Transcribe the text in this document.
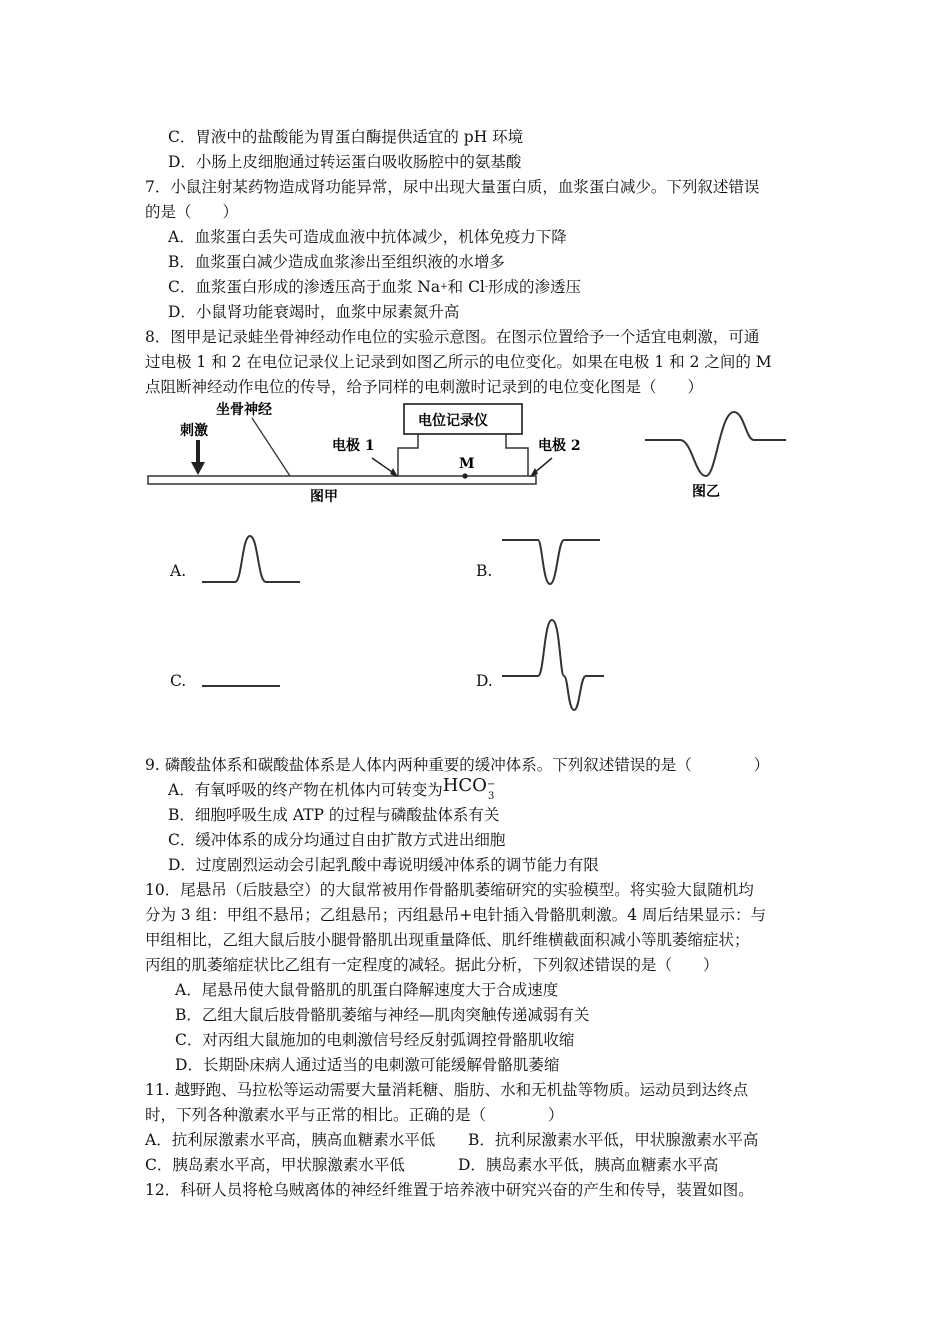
C．胃液中的盐酸能为胃蛋白酶提供适宜的 pH 环境
D．小肠上皮细胞通过转运蛋白吸收肠腔中的氨基酸
7．小鼠注射某药物造成肾功能异常，尿中出现大量蛋白质，血浆蛋白减少。下列叙述错误
的是（　　）
A．血浆蛋白丢失可造成血液中抗体减少，机体免疫力下降
B．血浆蛋白减少造成血浆渗出至组织液的水增多
C．血浆蛋白形成的渗透压高于血浆 Na+和 Cl-形成的渗透压
D．小鼠肾功能衰竭时，血浆中尿素氮升高
8．图甲是记录蛙坐骨神经动作电位的实验示意图。在图示位置给予一个适宜电刺激，可通
过电极 1 和 2 在电位记录仪上记录到如图乙所示的电位变化。如果在电极 1 和 2 之间的 M
点阻断神经动作电位的传导，给予同样的电刺激时记录到的电位变化图是（　　）
刺激
坐骨神经
电位记录仪
电极 1	电极 2
M
图甲	图乙
A.	B.
C.	D.
9. 磷酸盐体系和碳酸盐体系是人体内两种重要的缓冲体系。下列叙述错误的是（　　　　）
A．有氧呼吸的终产物在机体内可转变为HCO −
3
B．细胞呼吸生成 ATP 的过程与磷酸盐体系有关
C．缓冲体系的成分均通过自由扩散方式进出细胞
D．过度剧烈运动会引起乳酸中毒说明缓冲体系的调节能力有限
10．尾悬吊（后肢悬空）的大鼠常被用作骨骼肌萎缩研究的实验模型。将实验大鼠随机均
分为 3 组：甲组不悬吊；乙组悬吊；丙组悬吊+电针插入骨骼肌刺激。4 周后结果显示：与
甲组相比，乙组大鼠后肢小腿骨骼肌出现重量降低、肌纤维横截面积减小等肌萎缩症状；
丙组的肌萎缩症状比乙组有一定程度的减轻。据此分析，下列叙述错误的是（　　）
A．尾悬吊使大鼠骨骼肌的肌蛋白降解速度大于合成速度
B．乙组大鼠后肢骨骼肌萎缩与神经—肌肉突触传递减弱有关
C．对丙组大鼠施加的电刺激信号经反射弧调控骨骼肌收缩
D．长期卧床病人通过适当的电刺激可能缓解骨骼肌萎缩
11. 越野跑、马拉松等运动需要大量消耗糖、脂肪、水和无机盐等物质。运动员到达终点
时，下列各种激素水平与正常的相比。正确的是（　　　　）
A．抗利尿激素水平高，胰高血糖素水平低 B．抗利尿激素水平低，甲状腺激素水平高
C．胰岛素水平高，甲状腺激素水平低	D．胰岛素水平低，胰高血糖素水平高
12．科研人员将枪乌贼离体的神经纤维置于培养液中研究兴奋的产生和传导，装置如图。
